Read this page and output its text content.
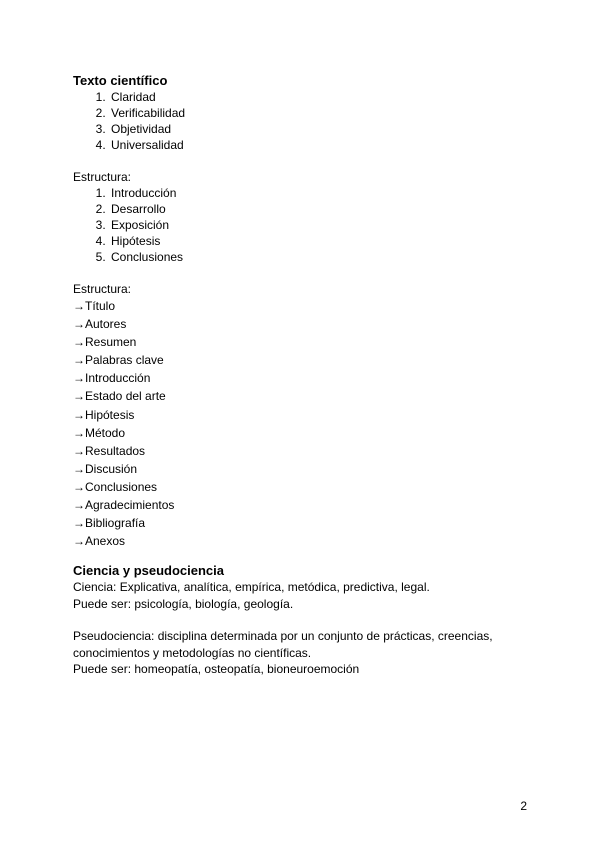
Texto científico

1. Claridad
2. Verificabilidad
3. Objetividad
4. Universalidad

Estructura:

1. Introducción
2. Desarrollo
3. Exposición
4. Hipótesis
5. Conclusiones

Estructura:

→ Título
→ Autores
→ Resumen
→ Palabras clave
→ Introducción
→ Estado del arte
→ Hipótesis
→ Método
→ Resultados
→ Discusión
→ Conclusiones
→ Agradecimientos
→ Bibliografía
→ Anexos

Ciencia y pseudociencia

Ciencia: Explicativa, analítica, empírica, metódica, predictiva, legal.

Puede ser: psicología, biología, geología.

Pseudociencia: disciplina determinada por un conjunto de prácticas, creencias,

conocimientos y metodologías no científicas.

Puede ser: homeopatía, osteopatía, bioneuroemoción

2
